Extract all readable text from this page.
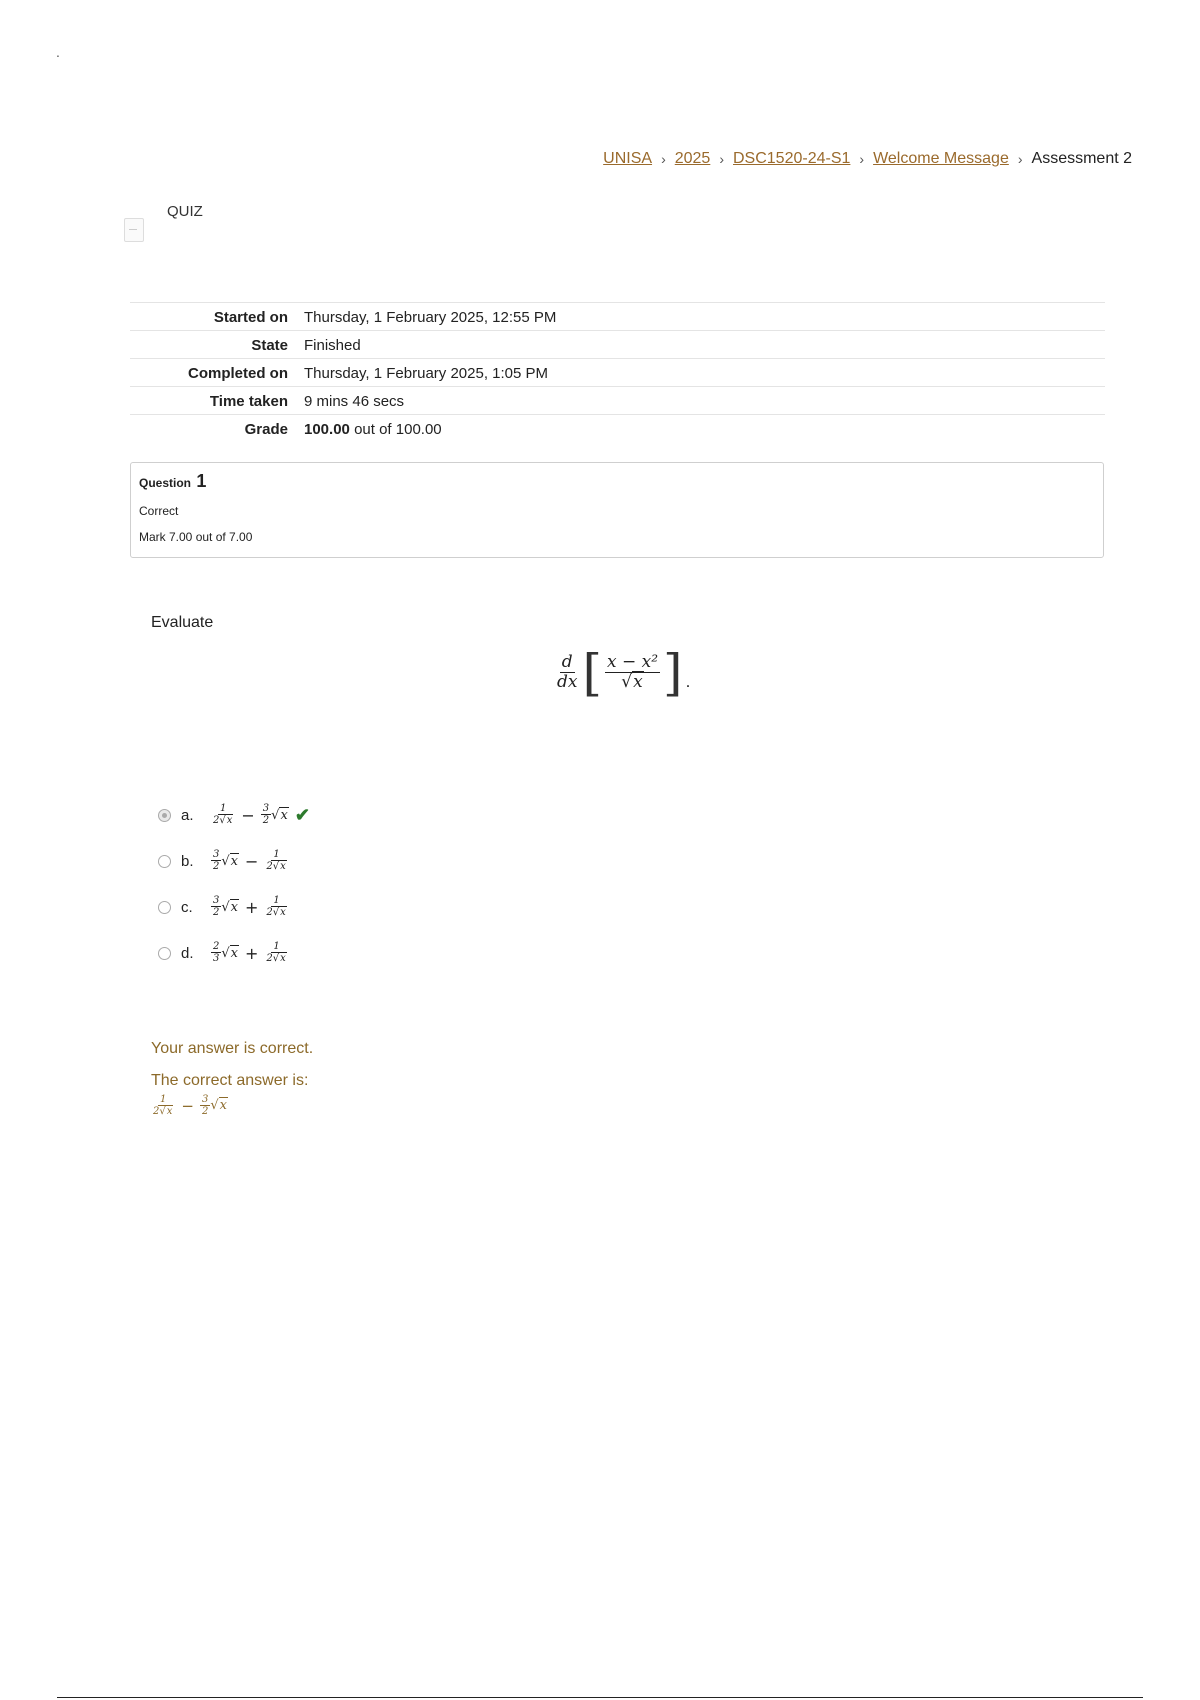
.
UNISA › 2025 › DSC1520-24-S1 › Welcome Message › Assessment 2
QUIZ
Started on	Thursday, 1 February 2025, 12:55 PM
State	Finished
Completed on	Thursday, 1 February 2025, 1:05 PM
Time taken	9 mins 46 secs
Grade	100.00 out of 100.00
Question 1
Correct
Mark 7.00 out of 7.00
Evaluate
$\frac{d}{dx}$ [ $\frac{\text{x − x²}}{√x}$ ] .
a.	$\frac{1}{2√x} - \frac{3}{2} √x$ ✔
b.	$\frac{3}{2} √x - \frac{1}{2√x}$
c.	$\frac{3}{2} √x + \frac{1}{2√x}$
d.	$\frac{2}{3} √x + \frac{1}{2√x}$
Your answer is correct.
The correct answer is:
$\frac{1}{2√x} - \frac{3}{2} √x$
